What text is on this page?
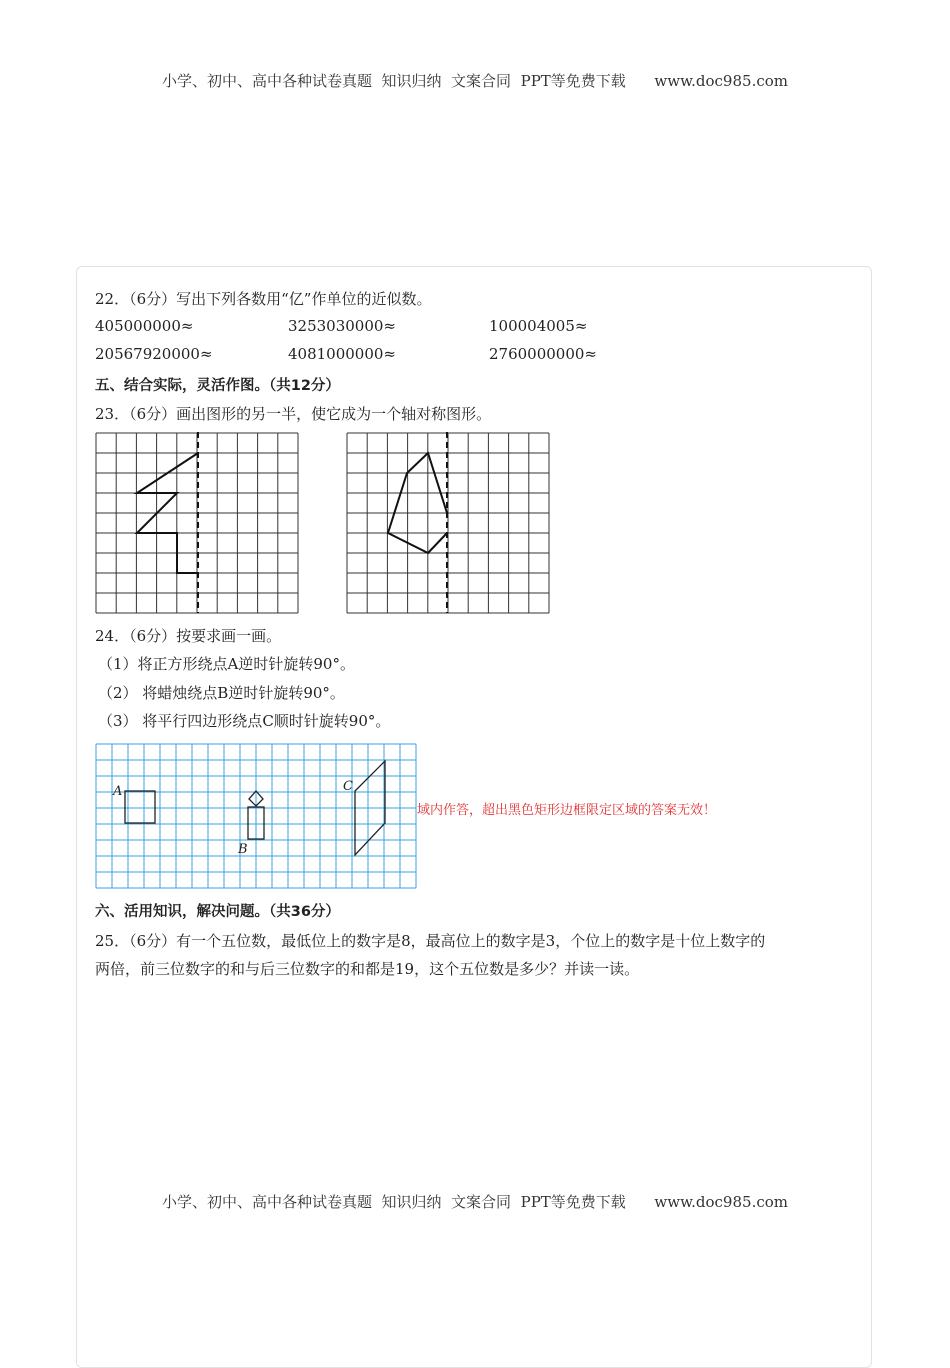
小学、初中、高中各种试卷真题  知识归纳  文案合同  PPT等免费下载      www.doc985.com
22．（6分）写出下列各数用“亿”作单位的近似数。
405000000≈	3253030000≈	100004005≈
20567920000≈	4081000000≈	2760000000≈
五、结合实际，灵活作图。（共12分）
23．（6分）画出图形的另一半，使它成为一个轴对称图形。
24．（6分）按要求画一画。
（1）将正方形绕点A逆时针旋转90°。
（2） 将蜡烛绕点B逆时针旋转90°。
（3） 将平行四边形绕点C顺时针旋转90°。
A
B
C
域内作答，超出黑色矩形边框限定区域的答案无效！
六、活用知识，解决问题。（共36分）
25．（6分）有一个五位数，最低位上的数字是8，最高位上的数字是3，个位上的数字是十位上数字的
两倍，前三位数字的和与后三位数字的和都是19，这个五位数是多少？并读一读。
小学、初中、高中各种试卷真题  知识归纳  文案合同  PPT等免费下载      www.doc985.com
